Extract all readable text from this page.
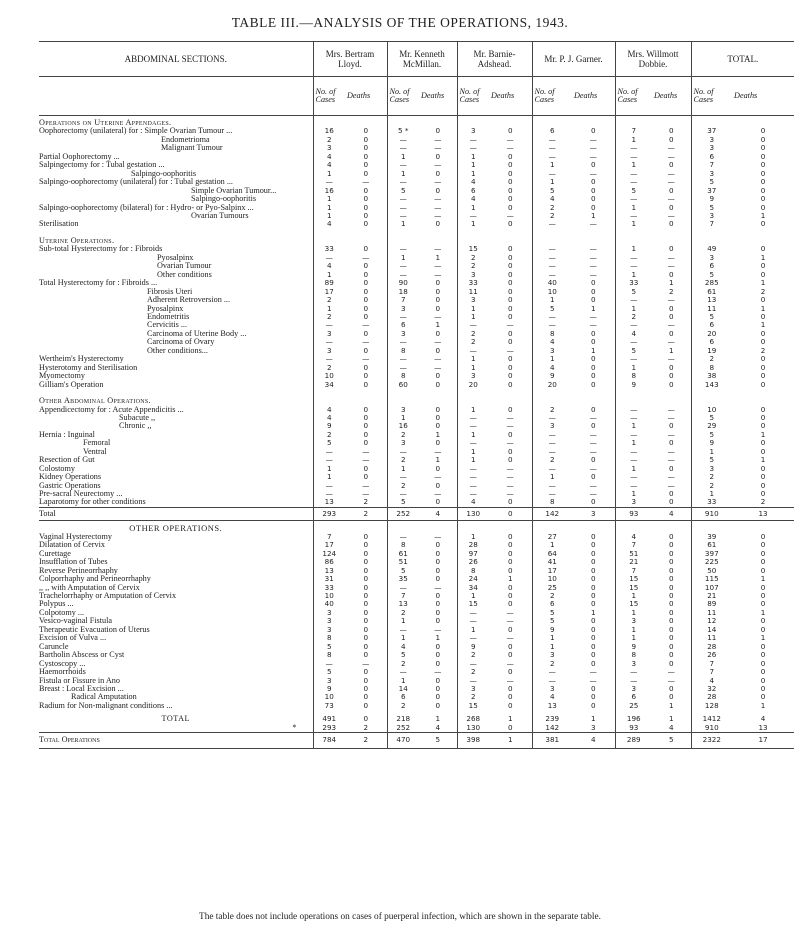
TABLE III.—ANALYSIS OF THE OPERATIONS, 1943.
ABDOMINAL SECTIONS.	Mrs. Bertram Lloyd.		Mr. Kenneth McMillan.		Mr. Barnie-Adshead.		Mr. P. J. Garner.		Mrs. Willmott Dobbie.		TOTAL.	
	No. of Cases	Deaths	No. of Cases	Deaths	No. of Cases	Deaths	No. of Cases	Deaths	No. of Cases	Deaths	No. of Cases	Deaths
Operations on Uterine Appendages.												
Oophorectomy (unilateral) for : Simple Ovarian Tumour ...	16	0	5 *	0	3	0	6	0	7	0	37	0
Endometrioma	2	0	—	—	—	—	—	—	1	0	3	0
Malignant Tumour	3	0	—	—	—	—	—	—	—	—	3	0
Partial Oophorectomy ...	4	0	1	0	1	0	—	—	—	—	6	0
Salpingectomy for : Tubal gestation ...	4	0	—	—	1	0	1	0	1	0	7	0
Salpingo-oophoritis	1	0	1	0	1	0	—	—	—	—	3	0
Salpingo-oophorectomy (unilateral) for : Tubal gestation ...	—	—	—	—	4	0	1	0	—	—	5	0
Simple Ovarian Tumour...	16	0	5	0	6	0	5	0	5	0	37	0
Salpingo-oophoritis	1	0	—	—	4	0	4	0	—	—	9	0
Salpingo-oophorectomy (bilateral) for : Hydro- or Pyo-Salpinx ...	1	0	—	—	1	0	2	0	1	0	5	0
Ovarian Tumours	1	0	—	—	—	—	2	1	—	—	3	1
Sterilisation	4	0	1	0	1	0	—	—	1	0	7	0

Uterine Operations.												
Sub-total Hysterectomy for : Fibroids	33	0	—	—	15	0	—	—	1	0	49	0
Pyosalpinx	—	—	1	1	2	0	—	—	—	—	3	1
Ovarian Tumour	4	0	—	—	2	0	—	—	—	—	6	0
Other conditions	1	0	—	—	3	0	—	—	1	0	5	0
Total Hysterectomy for : Fibroids ...	89	0	90	0	33	0	40	0	33	1	285	1
Fibrosis Uteri	17	0	18	0	11	0	10	0	5	2	61	2
Adherent Retroversion ...	2	0	7	0	3	0	1	0	—	—	13	0
Pyosalpinx	1	0	3	0	1	0	5	1	1	0	11	1
Endometritis	2	0	—	—	1	0	—	—	2	0	5	0
Cervicitis ...	—	—	6	1	—	—	—	—	—	—	6	1
Carcinoma of Uterine Body ...	3	0	3	0	2	0	8	0	4	0	20	0
Carcinoma of Ovary	—	—	—	—	2	0	4	0	—	—	6	0
Other conditions...	3	0	8	0	—	—	3	1	5	1	19	2
Wertheim's Hysterectomy	—	—	—	—	1	0	1	0	—	—	2	0
Hysterotomy and Sterilisation	2	0	—	—	1	0	4	0	1	0	8	0
Myomectomy	10	0	8	0	3	0	9	0	8	0	38	0
Gilliam's Operation	34	0	60	0	20	0	20	0	9	0	143	0

Other Abdominal Operations.												
Appendicectomy for : Acute Appendicitis ...	4	0	3	0	1	0	2	0	—	—	10	0
Subacute ,,	4	0	1	0	—	—	—	—	—	—	5	0
Chronic ,,	9	0	16	0	—	—	3	0	1	0	29	0
Hernia : Inguinal	2	0	2	1	1	0	—	—	—	—	5	1
Femoral	5	0	3	0	—	—	—	—	1	0	9	0
Ventral	—	—	—	—	1	0	—	—	—	—	1	0
Resection of Gut	—	—	2	1	1	0	2	0	—	—	5	1
Colostomy	1	0	1	0	—	—	—	—	1	0	3	0
Kidney Operations	1	0	—	—	—	—	1	0	—	—	2	0
Gastric Operations	—	—	2	0	—	—	—	—	—	—	2	0
Pre-sacral Neurectomy ...	—	—	—	—	—	—	—	—	1	0	1	0
Laparotomy for other conditions	13	2	5	0	4	0	8	0	3	0	33	2
Total	293	2	252	4	130	0	142	3	93	4	910	13
OTHER OPERATIONS.												
Vaginal Hysterectomy	7	0	—	—	1	0	27	0	4	0	39	0
Dilatation of Cervix	17	0	8	0	28	0	1	0	7	0	61	0
Curettage	124	0	61	0	97	0	64	0	51	0	397	0
Insufflation of Tubes	86	0	51	0	26	0	41	0	21	0	225	0
Reverse Perineorrhaphy	13	0	5	0	8	0	17	0	7	0	50	0
Colporrhaphy and Perineorrhaphy	31	0	35	0	24	1	10	0	15	0	115	1
,, ,, with Amputation of Cervix	33	0	—	—	34	0	25	0	15	0	107	0
Trachelorrhaphy or Amputation of Cervix	10	0	7	0	1	0	2	0	1	0	21	0
Polypus ...	40	0	13	0	15	0	6	0	15	0	89	0
Colpotomy ...	3	0	2	0	—	—	5	1	1	0	11	1
Vesico-vaginal Fistula	3	0	1	0	—	—	5	0	3	0	12	0
Therapeutic Evacuation of Uterus	3	0	—	—	1	0	9	0	1	0	14	0
Excision of Vulva ...	8	0	1	1	—	—	1	0	1	0	11	1
Caruncle	5	0	4	0	9	0	1	0	9	0	28	0
Bartholin Abscess or Cyst	8	0	5	0	2	0	3	0	8	0	26	0
Cystoscopy ...	—	—	2	0	—	—	2	0	3	0	7	0
Haemorrhoids	5	0	—	—	2	0	—	—	—	—	7	0
Fistula or Fissure in Ano	3	0	1	0	—	—	—	—	—	—	4	0
Breast : Local Excision ...	9	0	14	0	3	0	3	0	3	0	32	0
Radical Amputation	10	0	6	0	2	0	4	0	6	0	28	0
Radium for Non-malignant conditions ...	73	0	2	0	15	0	13	0	25	1	128	1

TOTAL	491	0	218	1	268	1	239	1	196	1	1412	4
*	293	2	252	4	130	0	142	3	93	4	910	13
Total Operations	784	2	470	5	398	1	381	4	289	5	2322	17
The table does not include operations on cases of puerperal infection, which are shown in the separate table.
